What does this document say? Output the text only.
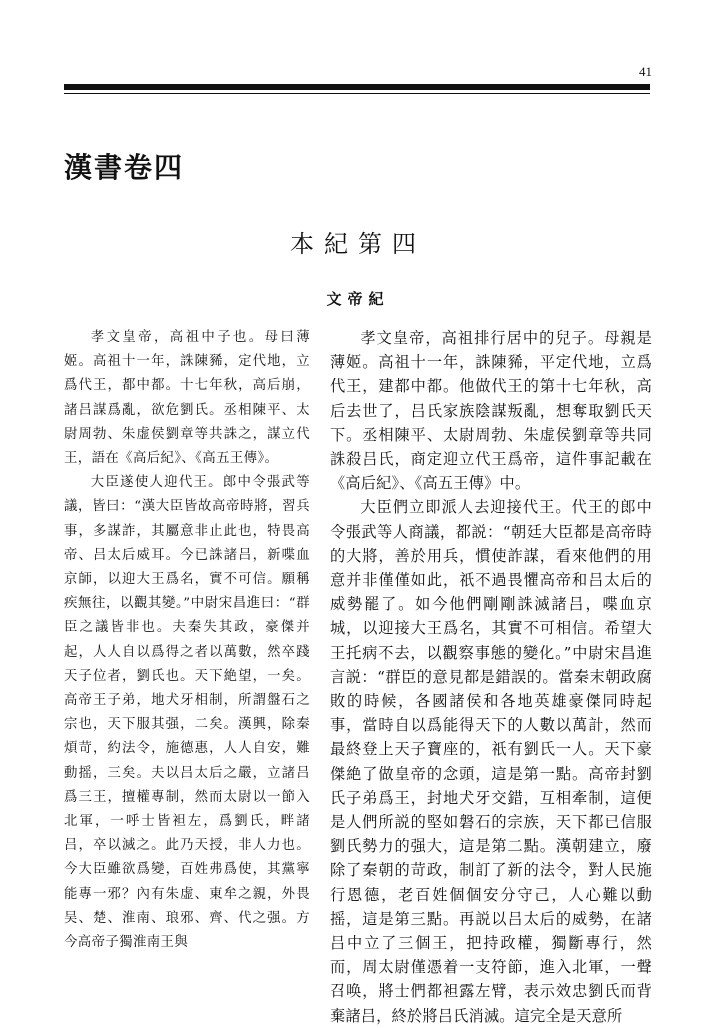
41
漢書卷四
本紀第四
文帝紀

孝文皇帝，高祖中子也。母曰薄姬。高祖十一年，誅陳豨，定代地，立爲代王，都中都。十七年秋，高后崩，諸吕謀爲亂，欲危劉氏。丞相陳平、太尉周勃、朱虚侯劉章等共誅之，謀立代王，語在《高后紀》、《高五王傳》。

大臣遂使人迎代王。郎中令張武等議，皆曰：“漢大臣皆故高帝時將，習兵事，多謀詐，其屬意非止此也，特畏高帝、吕太后威耳。今已誅諸吕，新喋血京師，以迎大王爲名，實不可信。願稱疾無往，以觀其變。”中尉宋昌進曰：“群臣之議皆非也。夫秦失其政，豪傑并起，人人自以爲得之者以萬數，然卒踐天子位者，劉氏也。天下絶望，一矣。高帝王子弟，地犬牙相制，所謂盤石之宗也，天下服其强，二矣。漢興，除秦煩苛，約法令，施德惠，人人自安，難動摇，三矣。夫以吕太后之嚴，立諸吕爲三王，擅權專制，然而太尉以一節入北軍，一呼士皆袒左，爲劉氏，畔諸吕，卒以滅之。此乃天授，非人力也。今大臣雖欲爲變，百姓弗爲使，其黨寧能專一邪？內有朱虚、東牟之親，外畏吴、楚、淮南、琅邪、齊、代之强。方今高帝子獨淮南王與

孝文皇帝，高祖排行居中的兒子。母親是薄姬。高祖十一年，誅陳豨，平定代地，立爲代王，建都中都。他做代王的第十七年秋，高后去世了，吕氏家族陰謀叛亂，想奪取劉氏天下。丞相陳平、太尉周勃、朱虚侯劉章等共同誅殺吕氏，商定迎立代王爲帝，這件事記載在《高后紀》、《高五王傳》中。

大臣們立即派人去迎接代王。代王的郎中令張武等人商議，都説：“朝廷大臣都是高帝時的大將，善於用兵，慣使詐謀，看來他們的用意并非僅僅如此，祇不過畏懼高帝和吕太后的威勢罷了。如今他們剛剛誅滅諸吕，喋血京城，以迎接大王爲名，其實不可相信。希望大王托病不去，以觀察事態的變化。”中尉宋昌進言説：“群臣的意見都是錯誤的。當秦末朝政腐敗的時候，各國諸侯和各地英雄豪傑同時起事，當時自以爲能得天下的人數以萬計，然而最終登上天子寶座的，祇有劉氏一人。天下豪傑絶了做皇帝的念頭，這是第一點。高帝封劉氏子弟爲王，封地犬牙交錯，互相牽制，這便是人們所説的堅如磐石的宗族，天下都已信服劉氏勢力的强大，這是第二點。漢朝建立，廢除了秦朝的苛政，制訂了新的法令，對人民施行恩德，老百姓個個安分守己，人心難以動摇，這是第三點。再説以吕太后的威勢，在諸吕中立了三個王，把持政權，獨斷專行，然而，周太尉僅憑着一支符節，進入北軍，一聲召唤，將士們都袒露左臂，表示效忠劉氏而背棄諸吕，終於將吕氏消滅。這完全是天意所
